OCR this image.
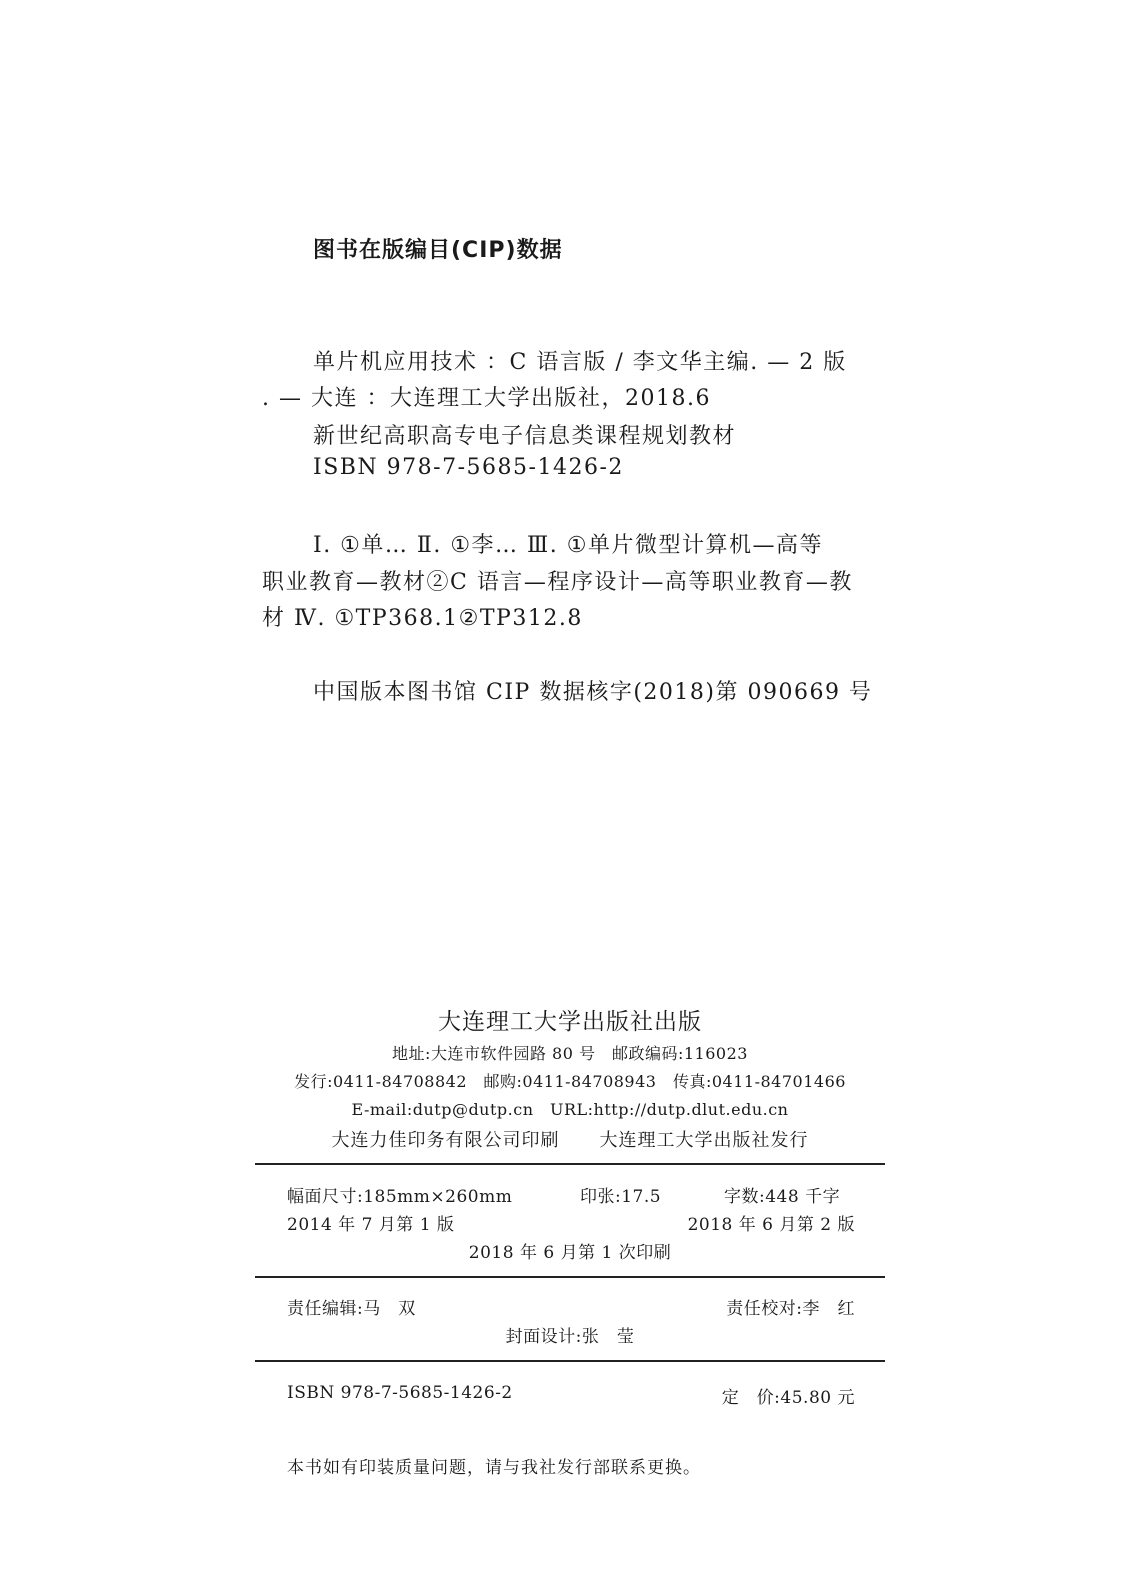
图书在版编目(CIP)数据
单片机应用技术 ：C 语言版 / 李文华主编. — 2 版
. — 大连 ：大连理工大学出版社，2018.6
新世纪高职高专电子信息类课程规划教材
ISBN 978-7-5685-1426-2
Ⅰ. ①单… Ⅱ. ①李… Ⅲ. ①单片微型计算机—高等
职业教育—教材②C 语言—程序设计—高等职业教育—教
材 Ⅳ. ①TP368.1②TP312.8
中国版本图书馆 CIP 数据核字(2018)第 090669 号
大连理工大学出版社出版
地址:大连市软件园路 80 号　邮政编码:116023
发行:0411-84708842　邮购:0411-84708943　传真:0411-84701466
E-mail:dutp@dutp.cn　URL:http://dutp.dlut.edu.cn
大连力佳印务有限公司印刷 大连理工大学出版社发行
幅面尺寸:185mm×260mm	印张:17.5	字数:448 千字
2014 年 7 月第 1 版	2018 年 6 月第 2 版
2018 年 6 月第 1 次印刷
责任编辑:马　双	责任校对:李　红
封面设计:张　莹
ISBN 978-7-5685-1426-2	定　价:45.80 元
本书如有印装质量问题，请与我社发行部联系更换。
